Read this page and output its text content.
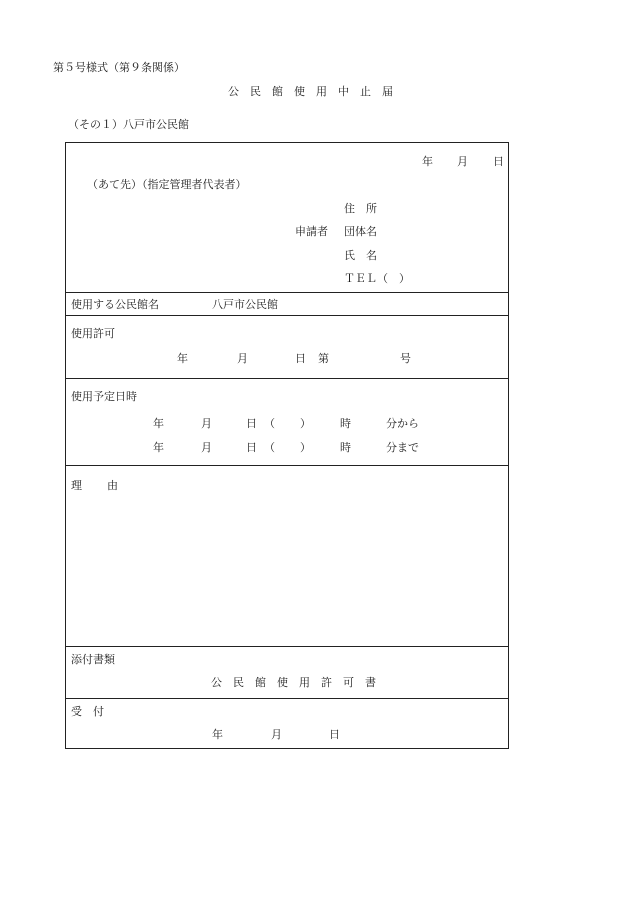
第５号様式（第９条関係）
公民館使用中止届
（その１）八戸市公民館
年 月 日
（あて先）（指定管理者代表者）
住　所
申請者 団体名
氏　名
ＴＥＬ（　）
使用する公民館名	八戸市公民館
使用許可
年	月	日 第	号
使用予定日時
年	月	日（　） 時	分から
年	月	日（　） 時	分まで
理　由
添付書類
公民館使用許可書
受　付
年	月	日
